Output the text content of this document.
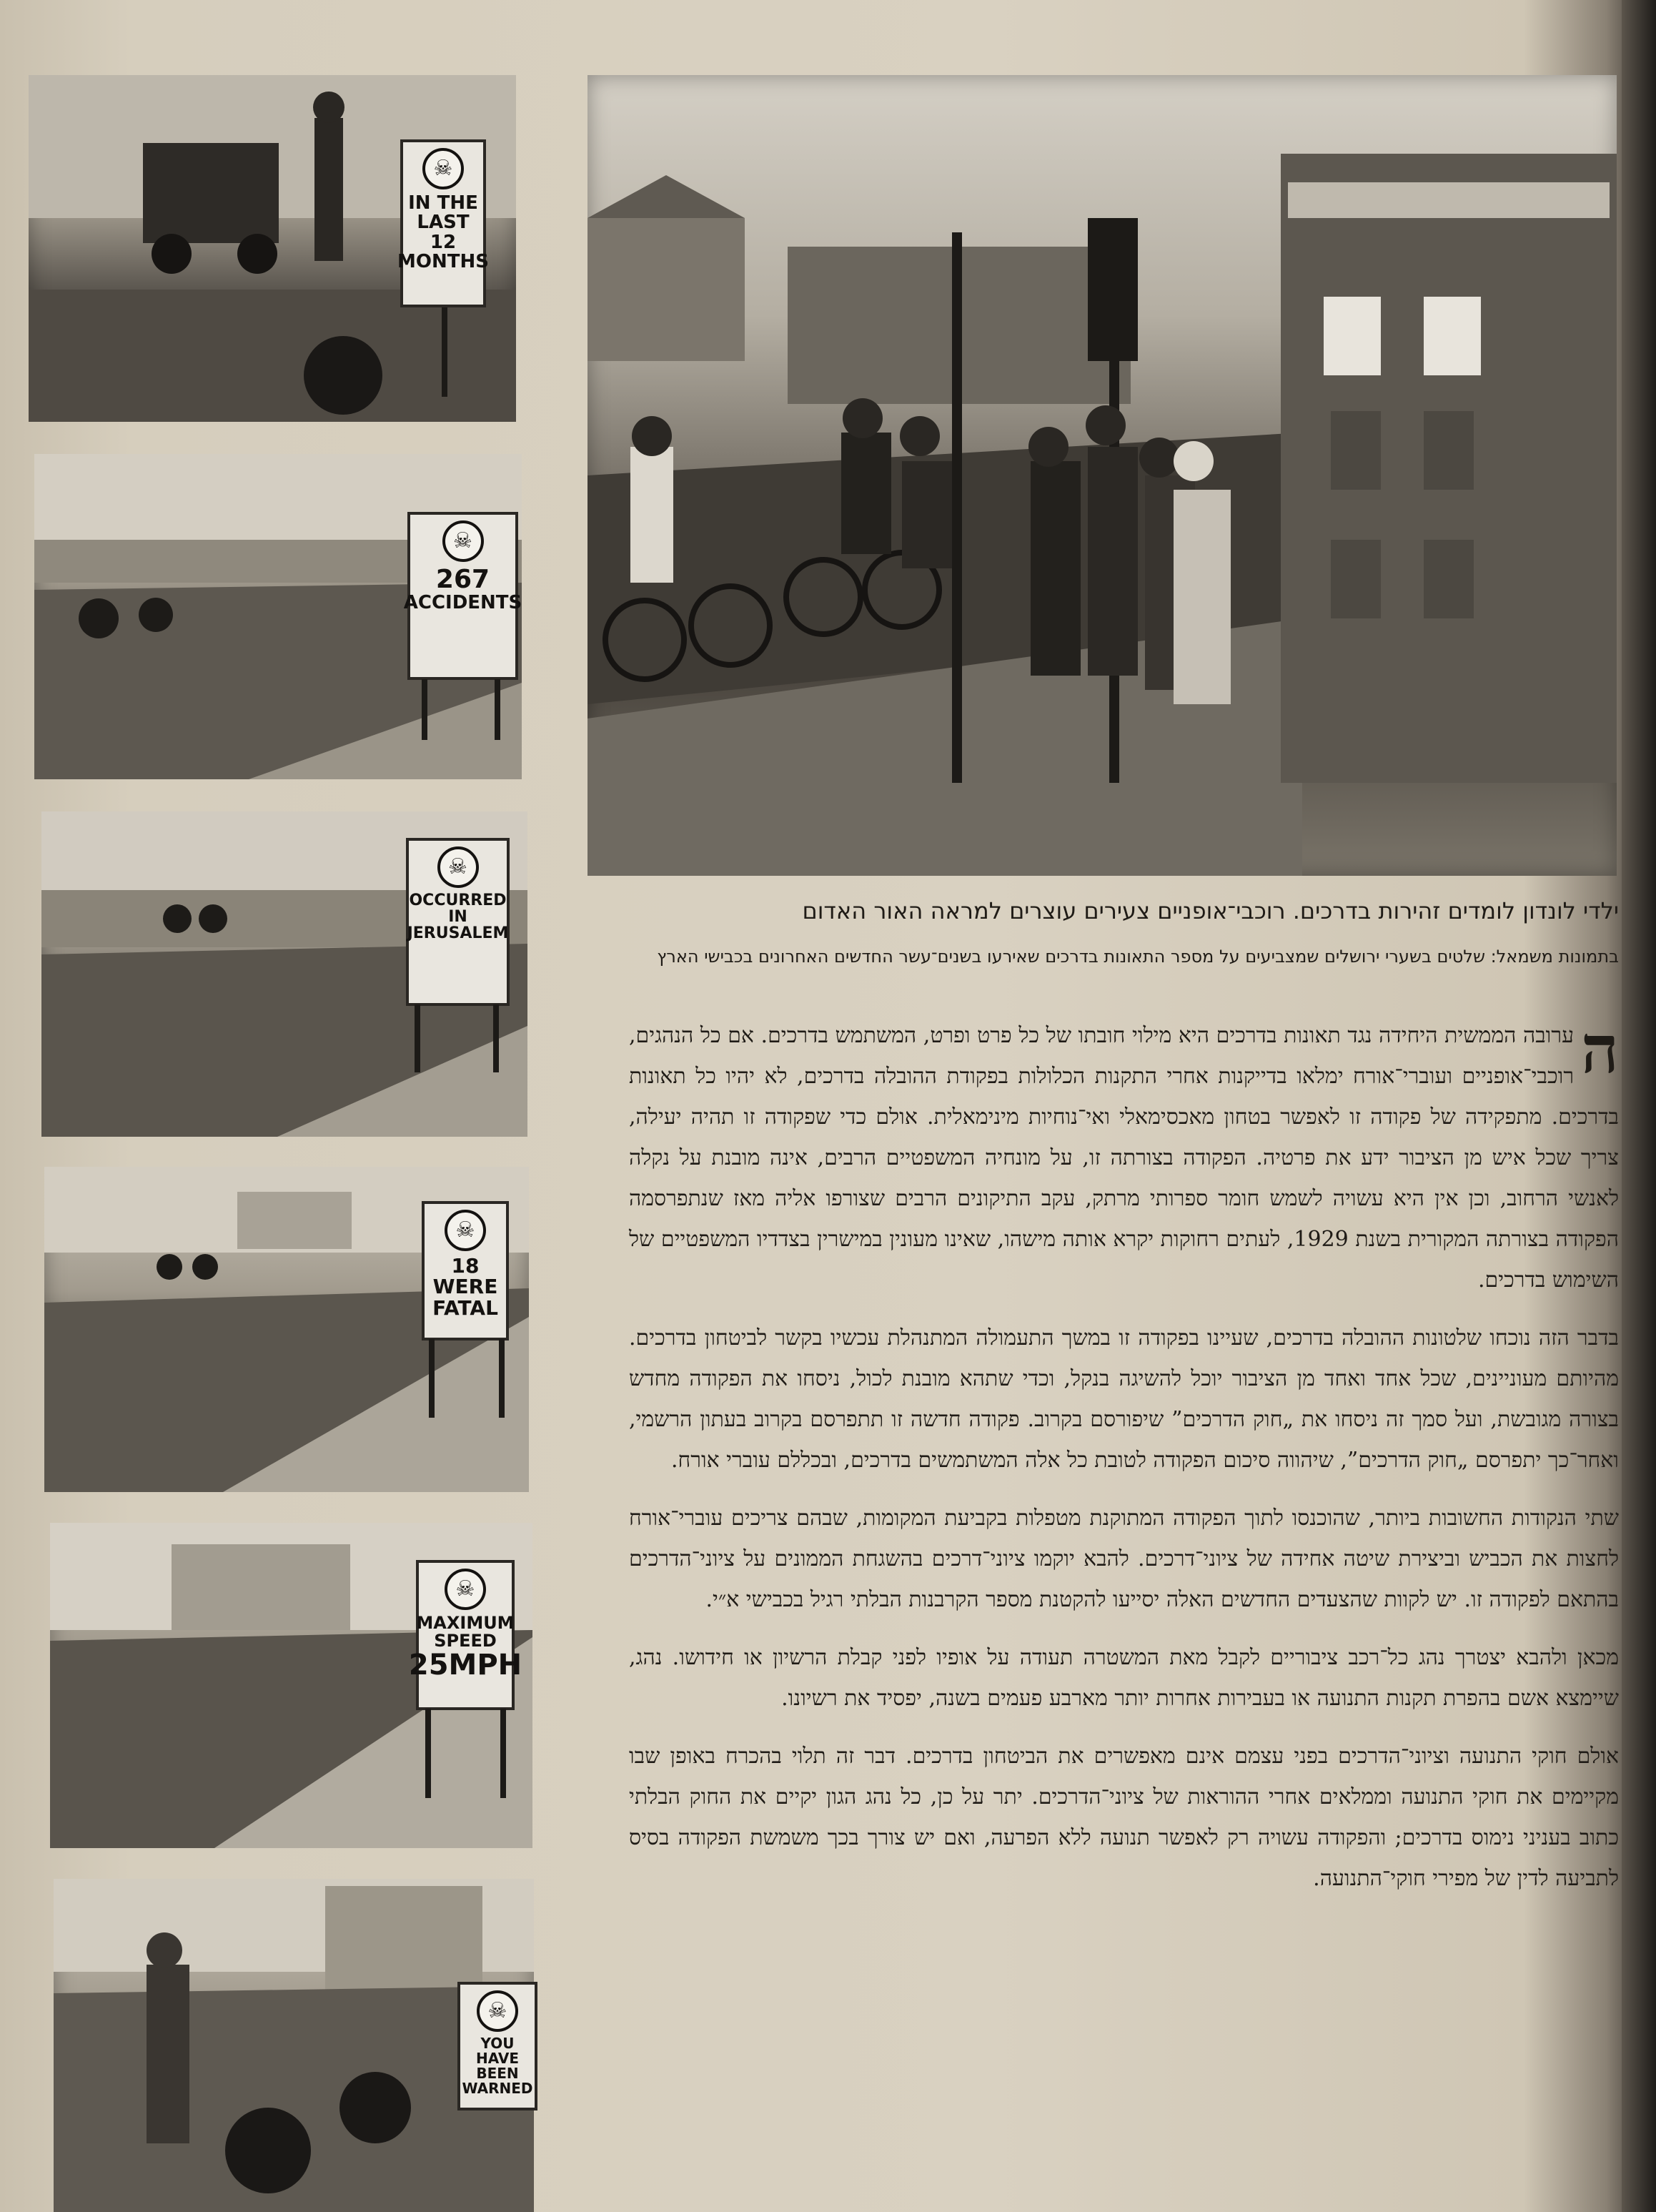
☠
IN THE
LAST 12
MONTHS
☠
267
ACCIDENTS
☠
OCCURRED
IN
JERUSALEM
☠
18
WERE
FATAL
☠
MAXIMUM
SPEED
25MPH
☠
YOU
HAVE BEEN
WARNED
ילדי לונדון לומדים זהירות בדרכים. רוכבי־אופניים צעירים עוצרים למראה האור האדום
בתמונות משמאל: שלטים בשערי ירושלים שמצביעים על מספר התאונות בדרכים שאירעו בשנים־עשר החדשים האחרונים בכבישי הארץ

ה
ערובה הממשית היחידה נגד תאונות בדרכים היא מילוי חובתו של כל פרט ופרט, המשתמש בדרכים. אם כל הנהגים, רוכבי־אופניים ועוברי־אורח ימלאו בדייקנות אחרי התקנות הכלולות בפקודת ההובלה בדרכים, לא יהיו כל תאונות בדרכים. מתפקידה של פקודה זו לאפשר בטחון מאכסימאלי ואי־נוחיות מינימאלית. אולם כדי שפקודה זו תהיה יעילה, צריך שכל איש מן הציבור ידע את פרטיה. הפקודה בצורתה זו, על מונחיה המשפטיים הרבים, אינה מובנת על נקלה לאנשי הרחוב, וכן אין היא עשויה לשמש חומר ספרותי מרתק, עקב התיקונים הרבים שצורפו אליה מאז שנתפרסמה הפקודה בצורתה המקורית בשנת 1929, לעתים רחוקות יקרא אותה מישהו, שאינו מעונין במישרין בצדדיו המשפטיים של השימוש בדרכים.

בדבר הזה נוכחו שלטונות ההובלה בדרכים, שעיינו בפקודה זו במשך התעמולה המתנהלת עכשיו בקשר לביטחון בדרכים. מהיותם מעוניינים, שכל אחד ואחד מן הציבור יוכל להשיגה בנקל, וכדי שתהא מובנת לכול, ניסחו את הפקודה מחדש בצורה מגובשת, ועל סמך זה ניסחו את „חוק הדרכים” שיפורסם בקרוב. פקודה חדשה זו תתפרסם בקרוב בעתון הרשמי, ואחר־כך יתפרסם „חוק הדרכים”, שיהווה סיכום הפקודה לטובת כל אלה המשתמשים בדרכים, ובכללם עוברי אורח.

שתי הנקודות החשובות ביותר, שהוכנסו לתוך הפקודה המתוקנת מטפלות בקביעת המקומות, שבהם צריכים עוברי־אורח לחצות את הכביש וביצירת שיטה אחידה של ציוני־דרכים. להבא יוקמו ציוני־דרכים בהשגחת הממונים על ציוני־הדרכים בהתאם לפקודה זו. יש לקוות שהצעדים החדשים האלה יסייעו להקטנת מספר הקרבנות הבלתי רגיל בכבישי א״י.

מכאן ולהבא יצטרך נהג כל־רכב ציבוריים לקבל מאת המשטרה תעודה על אופיו לפני קבלת הרשיון או חידושו. נהג, שיימצא אשם בהפרת תקנות התנועה או בעבירות אחרות יותר מארבע פעמים בשנה, יפסיד את רשיונו.

אולם חוקי התנועה וציוני־הדרכים בפני עצמם אינם מאפשרים את הביטחון בדרכים. דבר זה תלוי בהכרח באופן שבו מקיימים את חוקי התנועה וממלאים אחרי ההוראות של ציוני־הדרכים. יתר על כן, כל נהג הגון יקיים את החוק הבלתי כתוב בעניני נימוס בדרכים; והפקודה עשויה רק לאפשר תנועה ללא הפרעה, ואם יש צורך בכך משמשת הפקודה בסיס לתביעה לדין של מפירי חוקי־התנועה.
